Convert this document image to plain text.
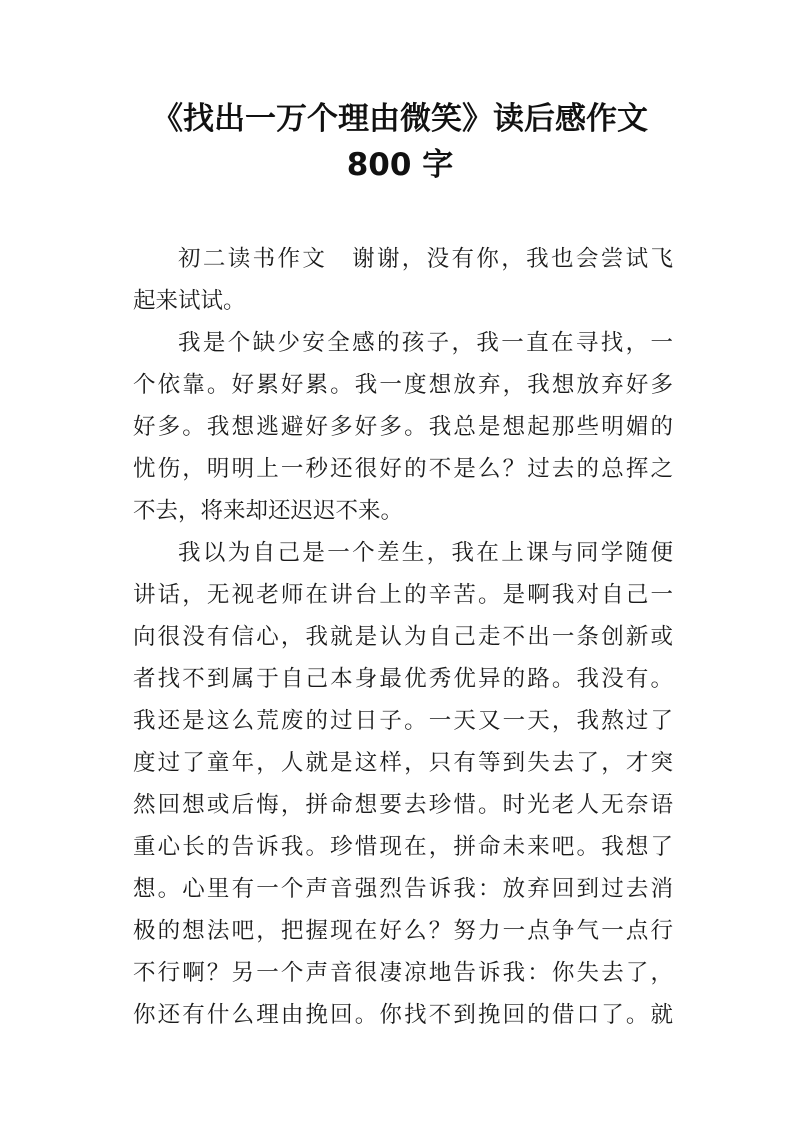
《找出一万个理由微笑》读后感作文
800 字

初二读书作文　谢谢，没有你，我也会尝试飞
起来试试。

我是个缺少安全感的孩子，我一直在寻找，一
个依靠。好累好累。我一度想放弃，我想放弃好多
好多。我想逃避好多好多。我总是想起那些明媚的
忧伤，明明上一秒还很好的不是么？过去的总挥之
不去，将来却还迟迟不来。

我以为自己是一个差生，我在上课与同学随便
讲话，无视老师在讲台上的辛苦。是啊我对自己一
向很没有信心，我就是认为自己走不出一条创新或
者找不到属于自己本身最优秀优异的路。我没有。
我还是这么荒废的过日子。一天又一天，我熬过了
度过了童年，人就是这样，只有等到失去了，才突
然回想或后悔，拼命想要去珍惜。时光老人无奈语
重心长的告诉我。珍惜现在，拼命未来吧。我想了
想。心里有一个声音强烈告诉我：放弃回到过去消
极的想法吧，把握现在好么？努力一点争气一点行
不行啊？另一个声音很凄凉地告诉我：你失去了，
你还有什么理由挽回。你找不到挽回的借口了。就
